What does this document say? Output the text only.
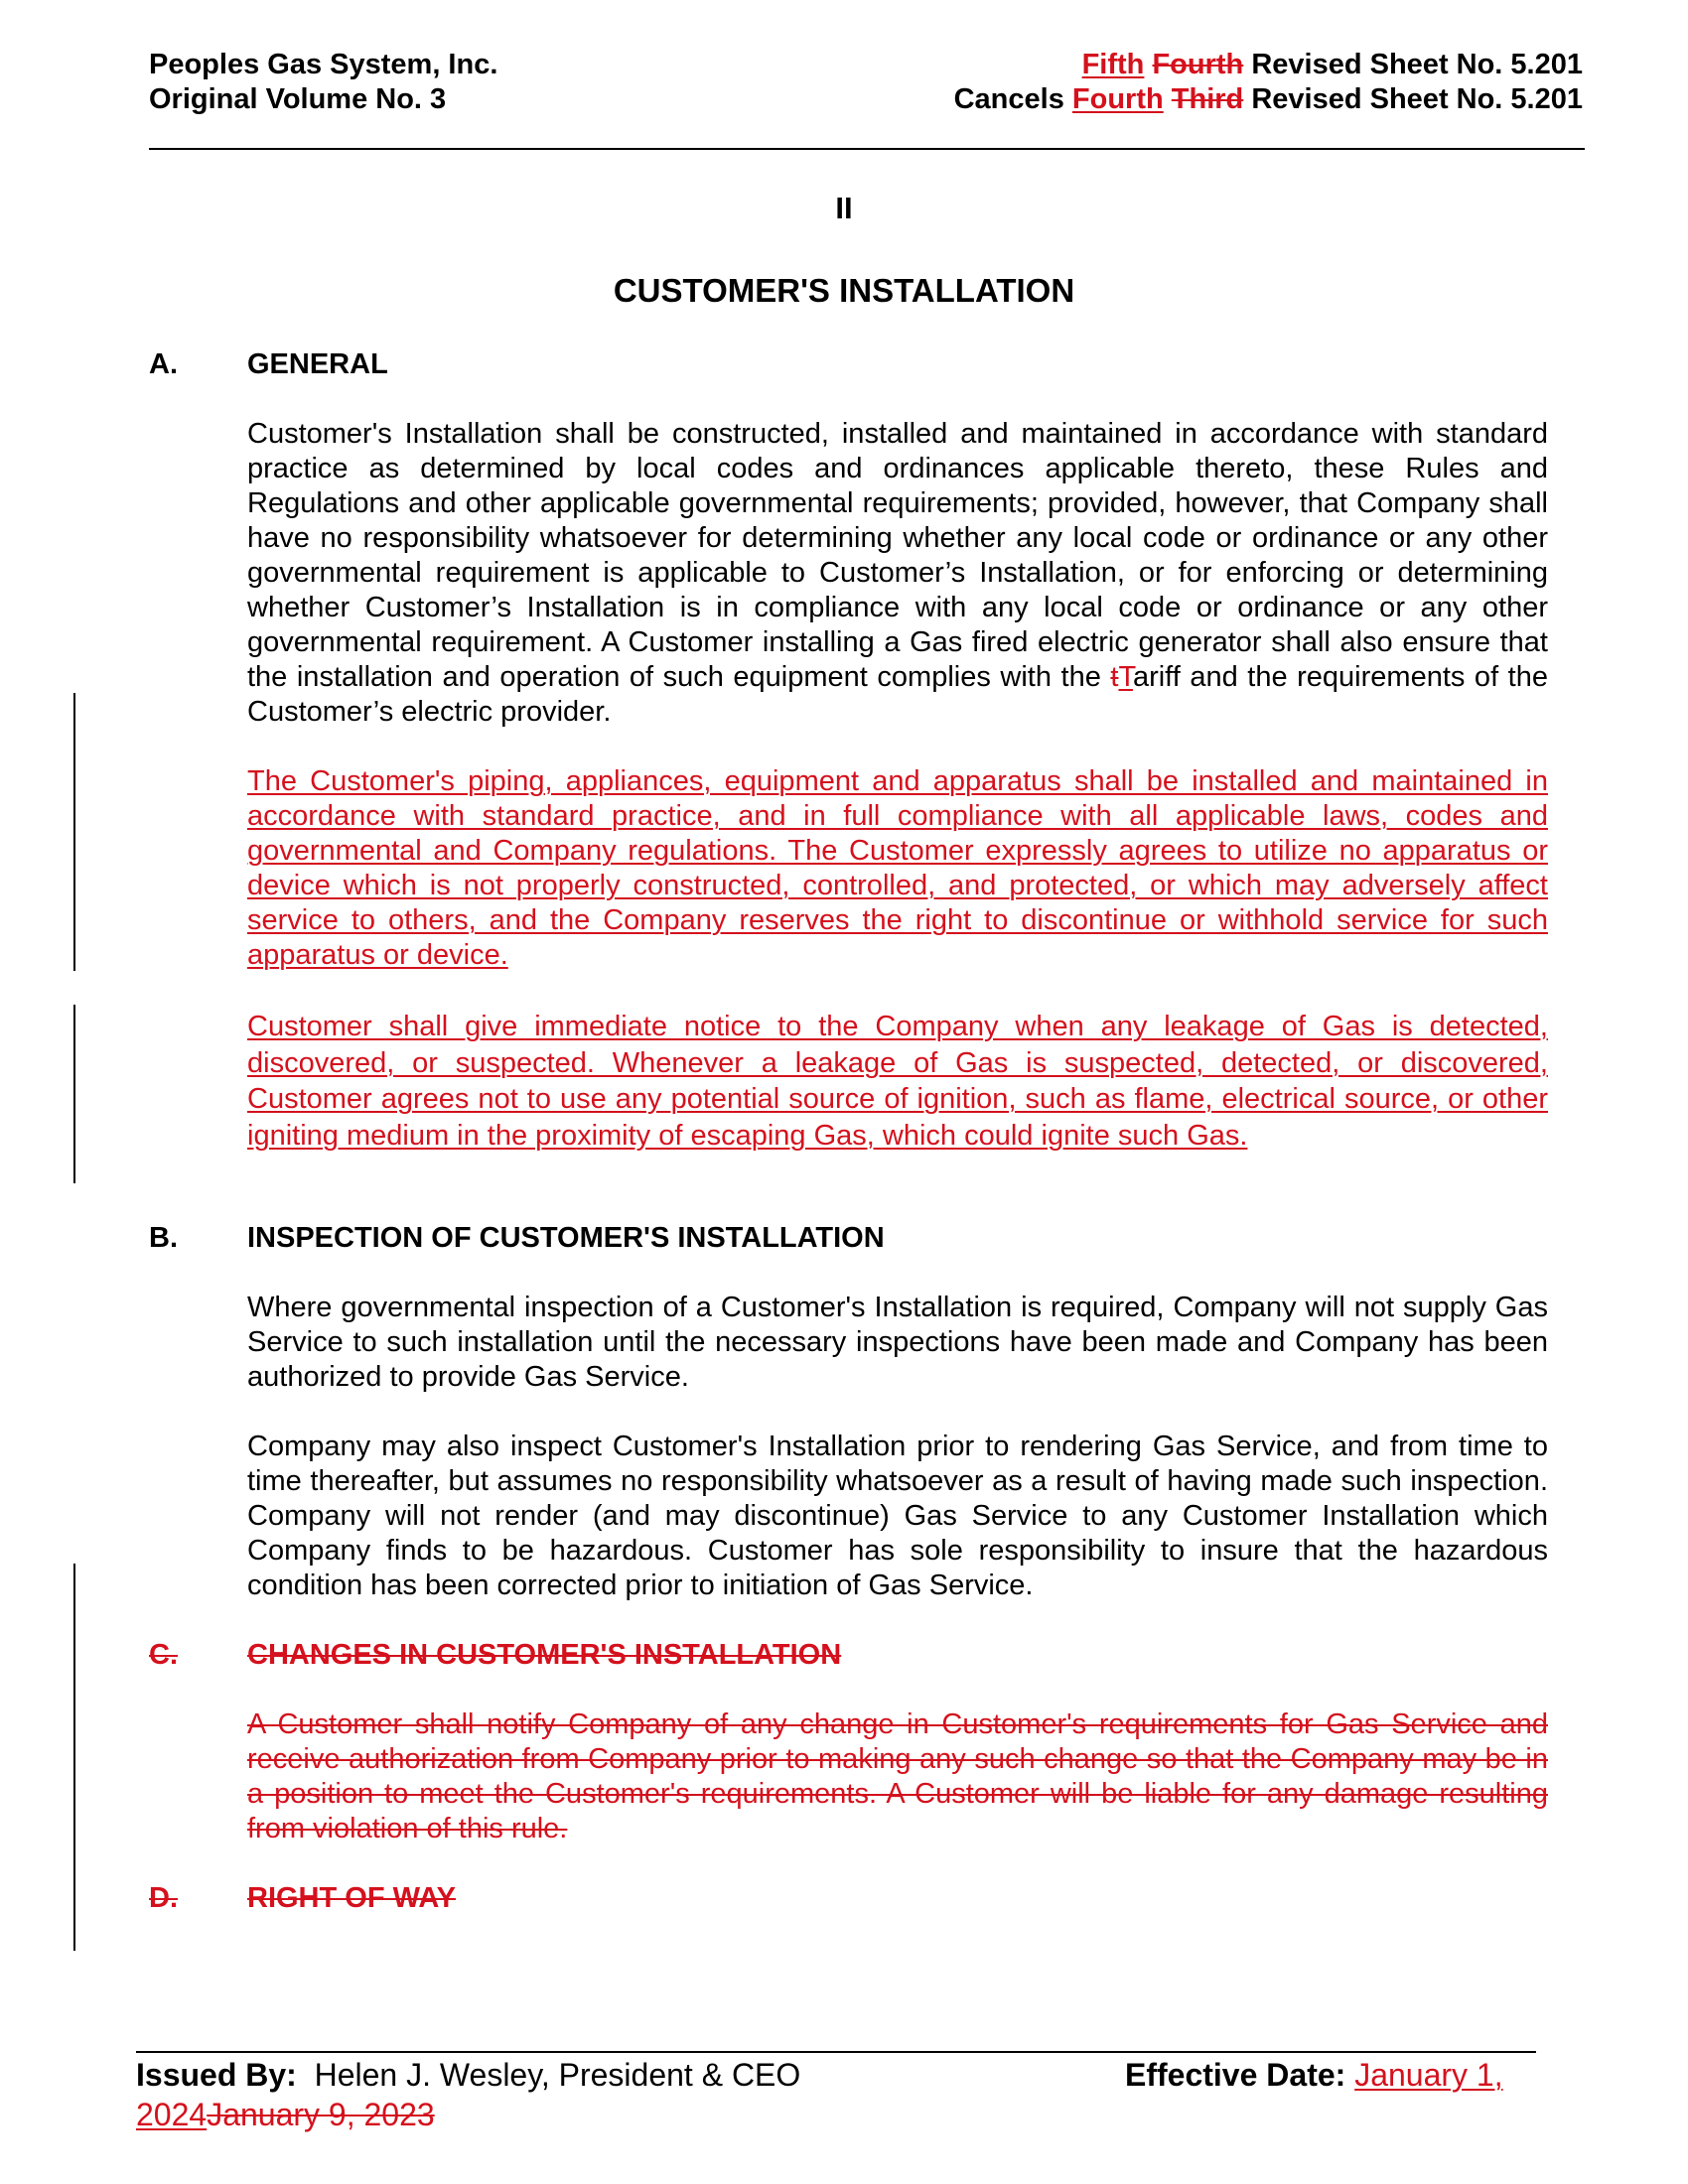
Peoples Gas System, Inc.
Original Volume No. 3
Fifth Fourth Revised Sheet No. 5.201
Cancels Fourth Third Revised Sheet No. 5.201
II
CUSTOMER'S INSTALLATION
A. GENERAL
Customer's Installation shall be constructed, installed and maintained in accordance with standard practice as determined by local codes and ordinances applicable thereto, these Rules and Regulations and other applicable governmental requirements; provided, however, that Company shall have no responsibility whatsoever for determining whether any local code or ordinance or any other governmental requirement is applicable to Customer’s Installation, or for enforcing or determining whether Customer’s Installation is in compliance with any local code or ordinance or any other governmental requirement. A Customer installing a Gas fired electric generator shall also ensure that the installation and operation of such equipment complies with the tTariff and the requirements of the Customer’s electric provider.
The Customer's piping, appliances, equipment and apparatus shall be installed and maintained in accordance with standard practice, and in full compliance with all applicable laws, codes and governmental and Company regulations. The Customer expressly agrees to utilize no apparatus or device which is not properly constructed, controlled, and protected, or which may adversely affect service to others, and the Company reserves the right to discontinue or withhold service for such apparatus or device.
Customer shall give immediate notice to the Company when any leakage of Gas is detected, discovered, or suspected. Whenever a leakage of Gas is suspected, detected, or discovered, Customer agrees not to use any potential source of ignition, such as flame, electrical source, or other igniting medium in the proximity of escaping Gas, which could ignite such Gas.
B. INSPECTION OF CUSTOMER'S INSTALLATION
Where governmental inspection of a Customer's Installation is required, Company will not supply Gas Service to such installation until the necessary inspections have been made and Company has been authorized to provide Gas Service.
Company may also inspect Customer's Installation prior to rendering Gas Service, and from time to time thereafter, but assumes no responsibility whatsoever as a result of having made such inspection. Company will not render (and may discontinue) Gas Service to any Customer Installation which Company finds to be hazardous. Customer has sole responsibility to insure that the hazardous condition has been corrected prior to initiation of Gas Service.
C.	CHANGES IN CUSTOMER'S INSTALLATION
A Customer shall notify Company of any change in Customer's requirements for Gas Service and receive authorization from Company prior to making any such change so that the Company may be in a position to meet the Customer's requirements. A Customer will be liable for any damage resulting from violation of this rule.
D.	RIGHT OF WAY
Issued By:  Helen J. Wesley, President & CEO	Effective Date: January 1,
2024January 9, 2023
